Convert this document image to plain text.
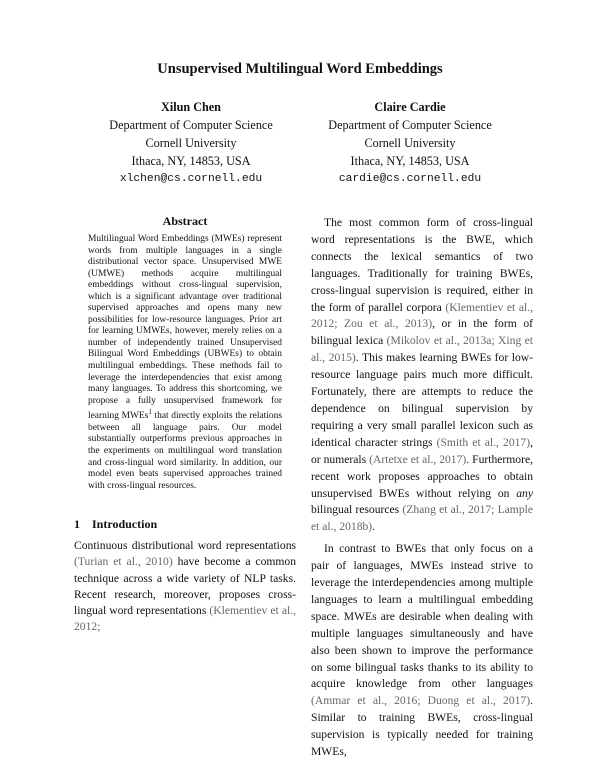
Unsupervised Multilingual Word Embeddings
Xilun Chen
Department of Computer Science
Cornell University
Ithaca, NY, 14853, USA
xlchen@cs.cornell.edu
Claire Cardie
Department of Computer Science
Cornell University
Ithaca, NY, 14853, USA
cardie@cs.cornell.edu
Abstract
Multilingual Word Embeddings (MWEs) represent words from multiple languages in a single distributional vector space. Unsupervised MWE (UMWE) methods acquire multilingual embeddings without cross-lingual supervision, which is a significant advantage over traditional supervised approaches and opens many new possibilities for low-resource languages. Prior art for learning UMWEs, however, merely relies on a number of independently trained Unsupervised Bilingual Word Embeddings (UBWEs) to obtain multilingual embeddings. These methods fail to leverage the interdependencies that exist among many languages. To address this shortcoming, we propose a fully unsupervised framework for learning MWEs$^1$ that directly exploits the relations between all language pairs. Our model substantially outperforms previous approaches in the experiments on multilingual word translation and cross-lingual word similarity. In addition, our model even beats supervised approaches trained with cross-lingual resources.
1 Introduction
Continuous distributional word representations (Turian et al., 2010) have become a common technique across a wide variety of NLP tasks. Recent research, moreover, proposes cross-lingual word representations (Klementiev et al., 2012;

The most common form of cross-lingual word representations is the BWE, which connects the lexical semantics of two languages. Traditionally for training BWEs, cross-lingual supervision is required, either in the form of parallel corpora (Klementiev et al., 2012; Zou et al., 2013), or in the form of bilingual lexica (Mikolov et al., 2013a; Xing et al., 2015). This makes learning BWEs for low-resource language pairs much more difficult. Fortunately, there are attempts to reduce the dependence on bilingual supervision by requiring a very small parallel lexicon such as identical character strings (Smith et al., 2017), or numerals (Artetxe et al., 2017). Furthermore, recent work proposes approaches to obtain unsupervised BWEs without relying on any bilingual resources (Zhang et al., 2017; Lample et al., 2018b).

In contrast to BWEs that only focus on a pair of languages, MWEs instead strive to leverage the interdependencies among multiple languages to learn a multilingual embedding space. MWEs are desirable when dealing with multiple languages simultaneously and have also been shown to improve the performance on some bilingual tasks thanks to its ability to acquire knowledge from other languages (Ammar et al., 2016; Duong et al., 2017). Similar to training BWEs, cross-lingual supervision is typically needed for training MWEs,
